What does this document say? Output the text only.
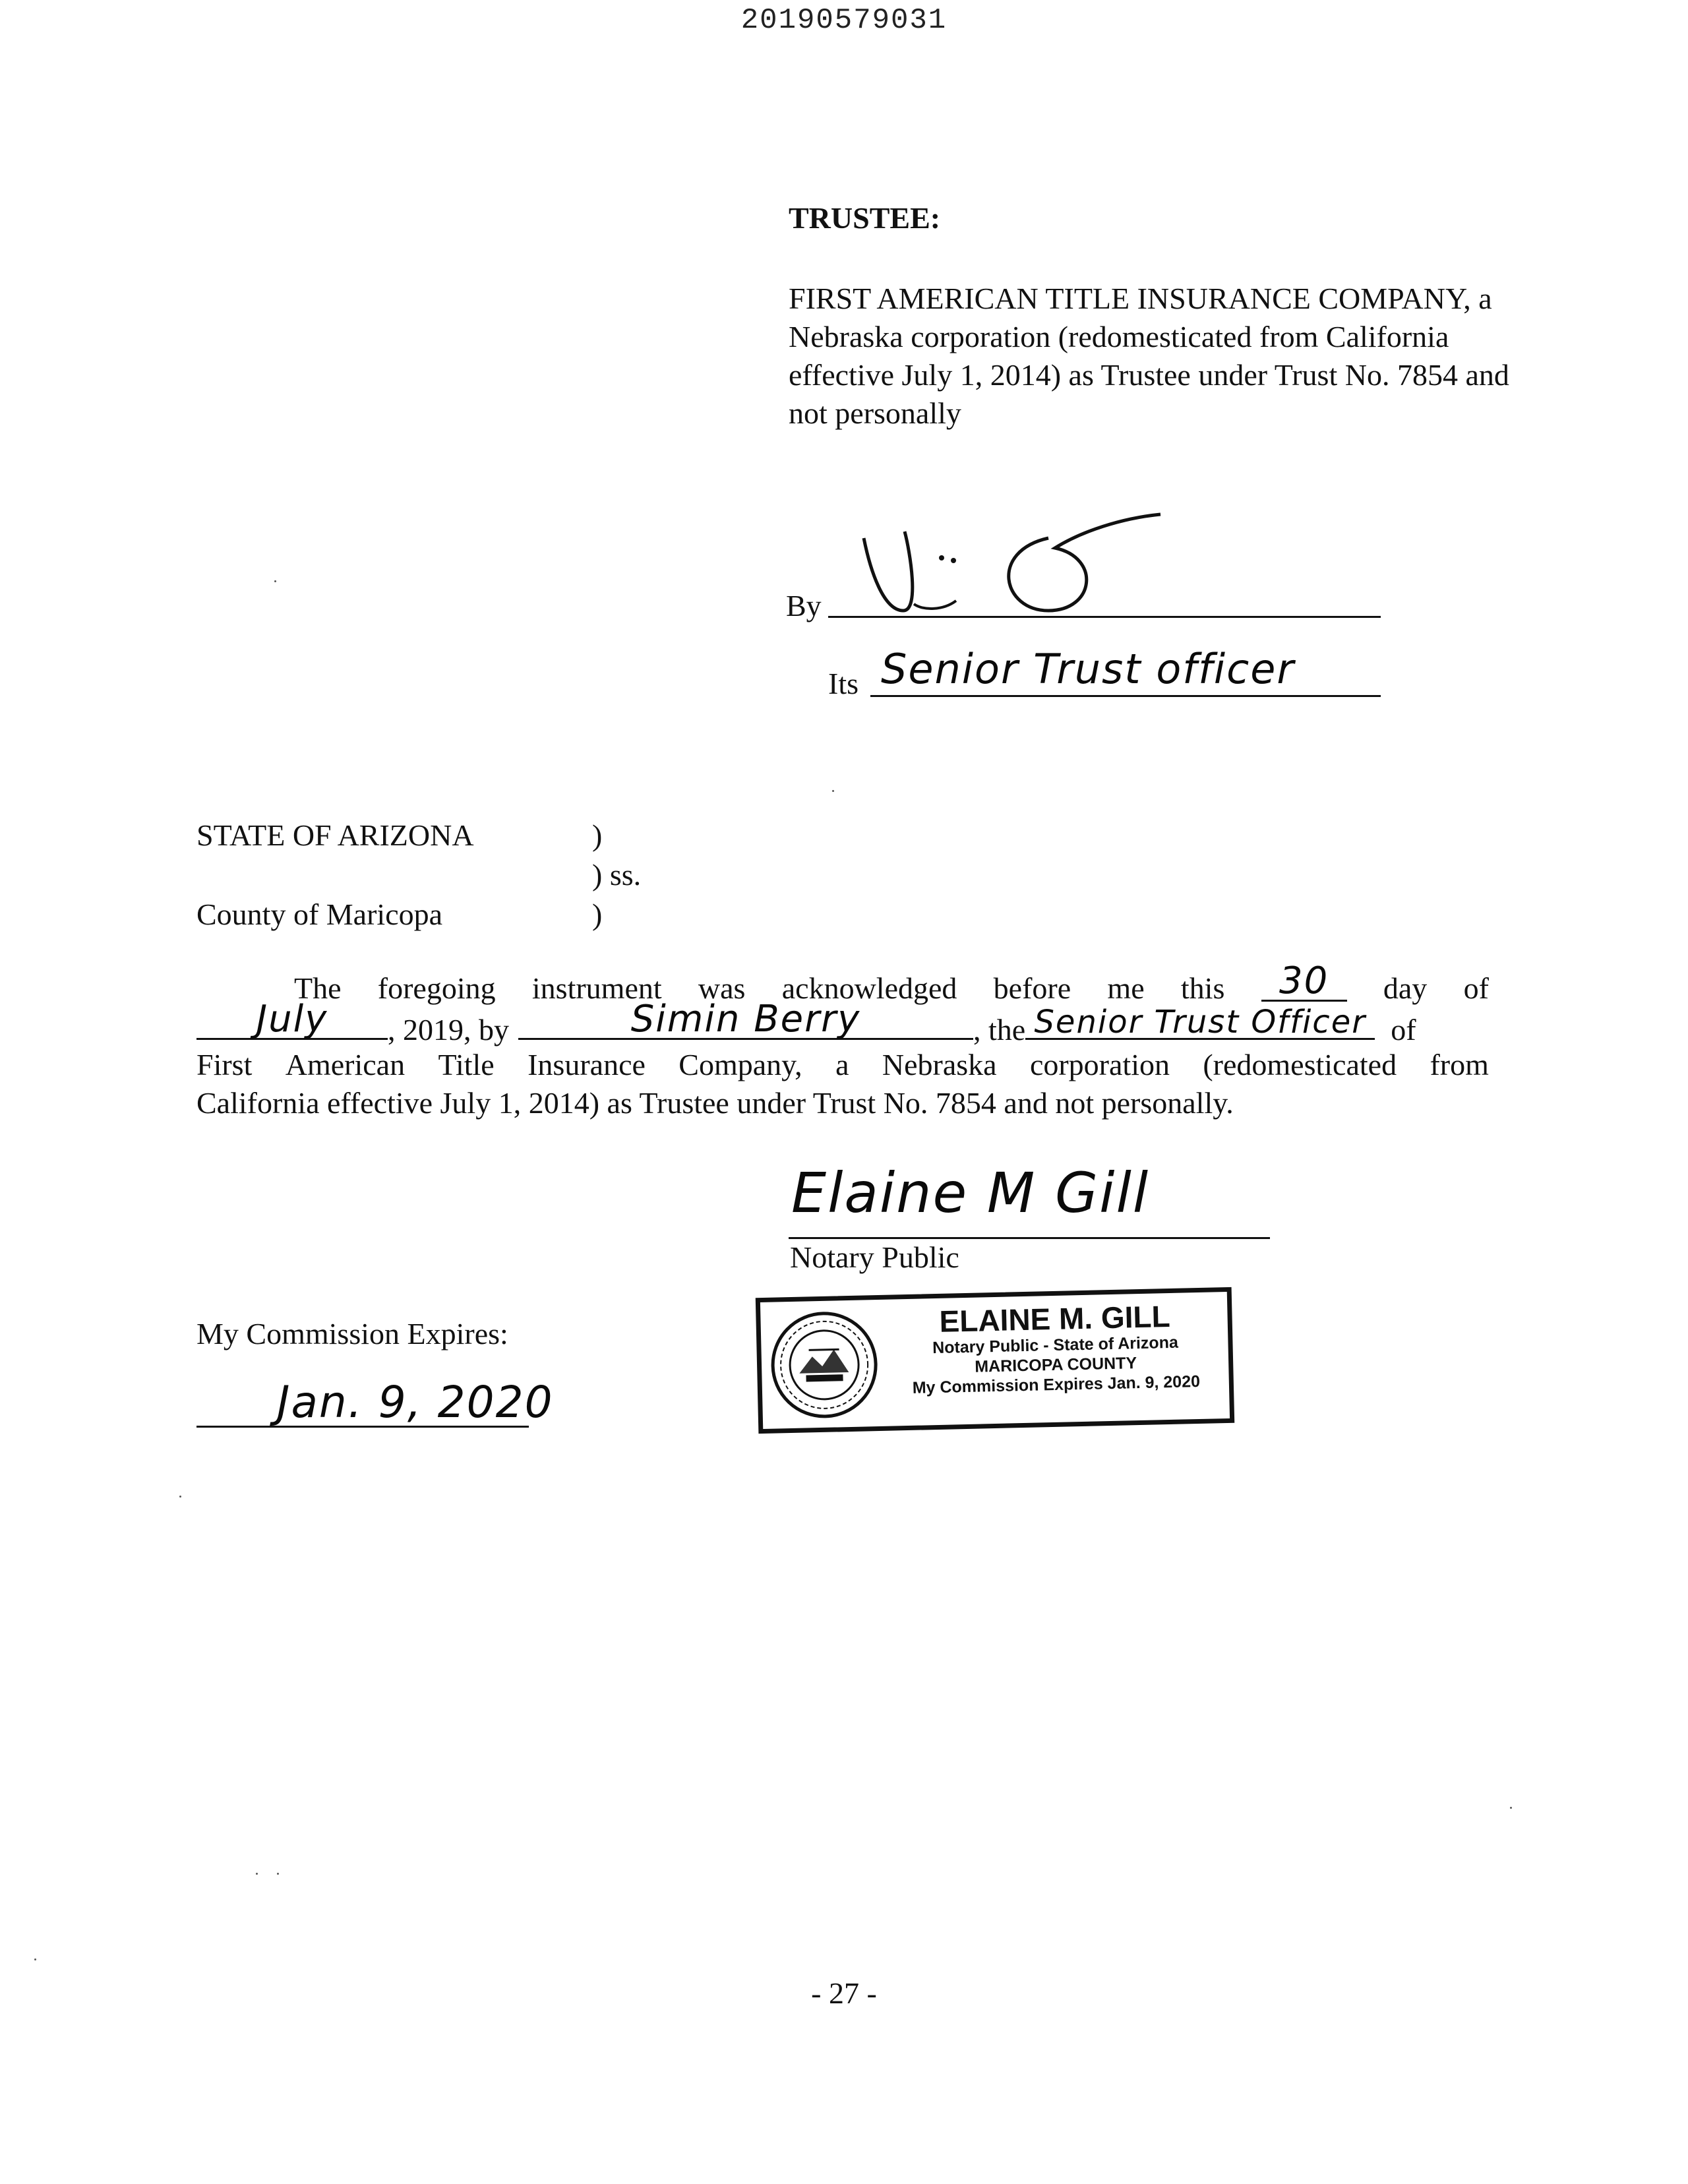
20190579031
TRUSTEE:
FIRST AMERICAN TITLE INSURANCE COMPANY, a Nebraska corporation (redomesticated from California effective July 1, 2014) as Trustee under Trust No. 7854 and not personally
By
Its Senior Trust officer
STATE OF ARIZONA	)
) ss.
County of Maricopa	)
The foregoing instrument was acknowledged before me this	30	day of
July	, 2019, by	Simin Berry	, the Senior Trust Officer of
First American Title Insurance Company, a Nebraska corporation (redomesticated from
California effective July 1, 2014) as Trustee under Trust No. 7854 and not personally.
Elaine M Gill
Notary Public
ELAINE M. GILL
Notary Public - State of Arizona
MARICOPA COUNTY
My Commission Expires Jan. 9, 2020
My Commission Expires:
Jan. 9, 2020
- 27 -
